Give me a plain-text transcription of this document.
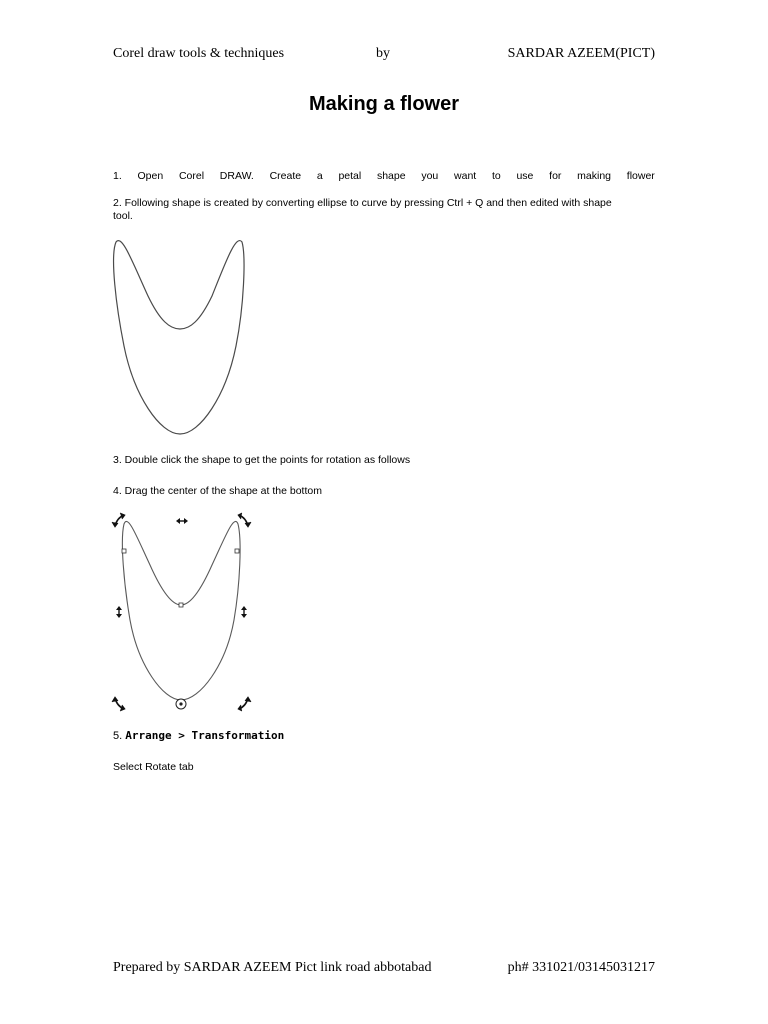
Corel draw tools & techniques	by	SARDAR AZEEM(PICT)
Making a flower
1. Open Corel DRAW. Create a petal shape you want to use for making flower
2. Following shape is created by converting ellipse to curve by pressing Ctrl + Q and then edited with shape
tool.
3. Double click the shape to get the points for rotation as follows
4. Drag the center of the shape at the bottom
5. Arrange > Transformation
Select Rotate tab
Prepared by SARDAR AZEEM Pict link road abbotabad	ph# 331021/03145031217
